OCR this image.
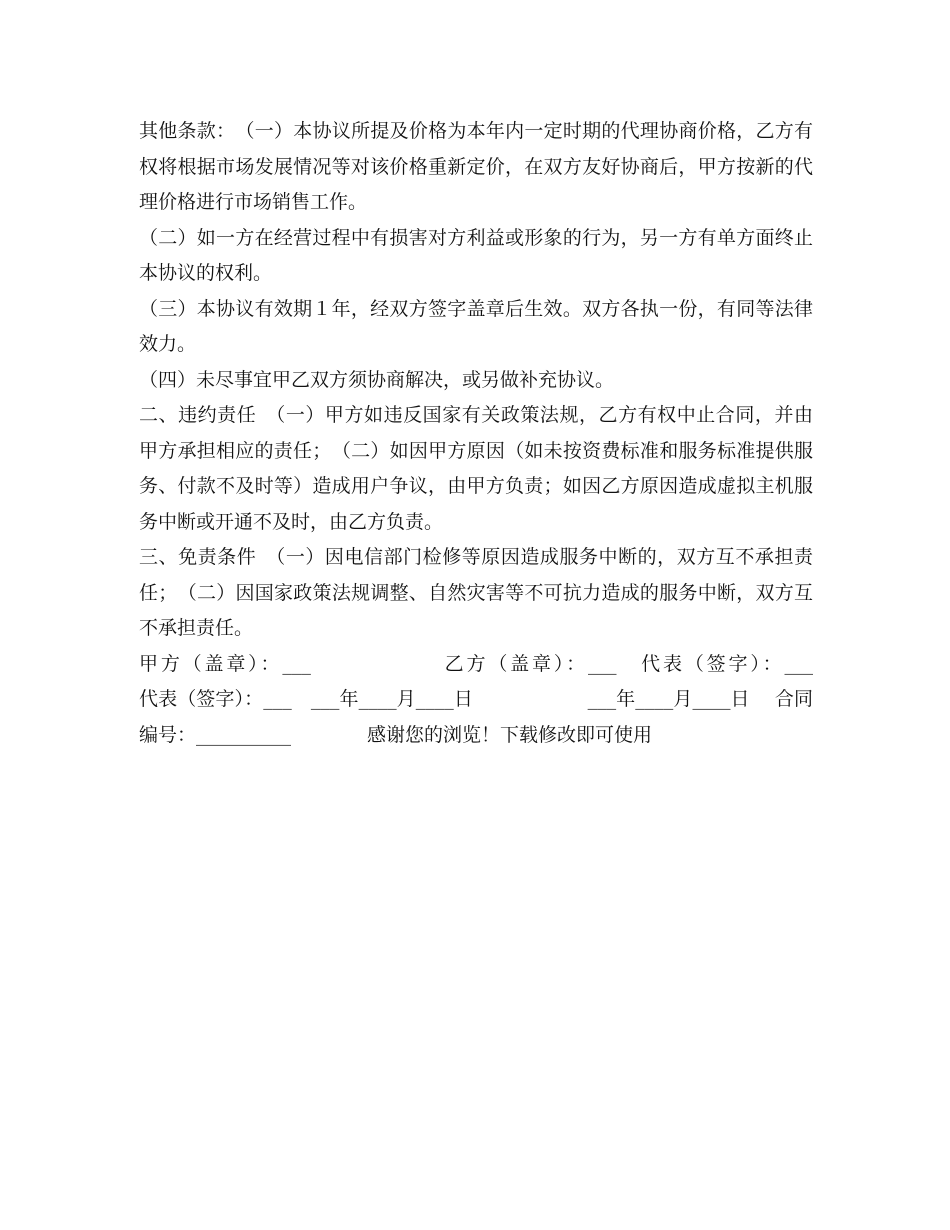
其他条款：　（一）本协议所提及价格为本年内一定时期的代理协商价格，乙方有权将根据市场发展情况等对该价格重新定价，在双方友好协商后，甲方按新的代理价格进行市场销售工作。

（二）如一方在经营过程中有损害对方利益或形象的行为，另一方有单方面终止本协议的权利。

（三）本协议有效期１年，经双方签字盖章后生效。双方各执一份，有同等法律效力。

（四）未尽事宜甲乙双方须协商解决，或另做补充协议。

二、违约责任　（一）甲方如违反国家有关政策法规，乙方有权中止合同，并由甲方承担相应的责任；　（二）如因甲方原因（如未按资费标准和服务标准提供服务、付款不及时等）造成用户争议，由甲方负责；如因乙方原因造成虚拟主机服务中断或开通不及时，由乙方负责。

三、免责条件　（一）因电信部门检修等原因造成服务中断的，双方互不承担责任；　（二）因国家政策法规调整、自然灾害等不可抗力造成的服务中断，双方互不承担责任。

甲方（盖章）：___　　　　　　乙方（盖章）：___　代表（签字）：___　　　　　代表（签字）：___　___年____月____日　　　　　　___年____月____日　 合同编号：__________　　　　感谢您的浏览！下载修改即可使用
